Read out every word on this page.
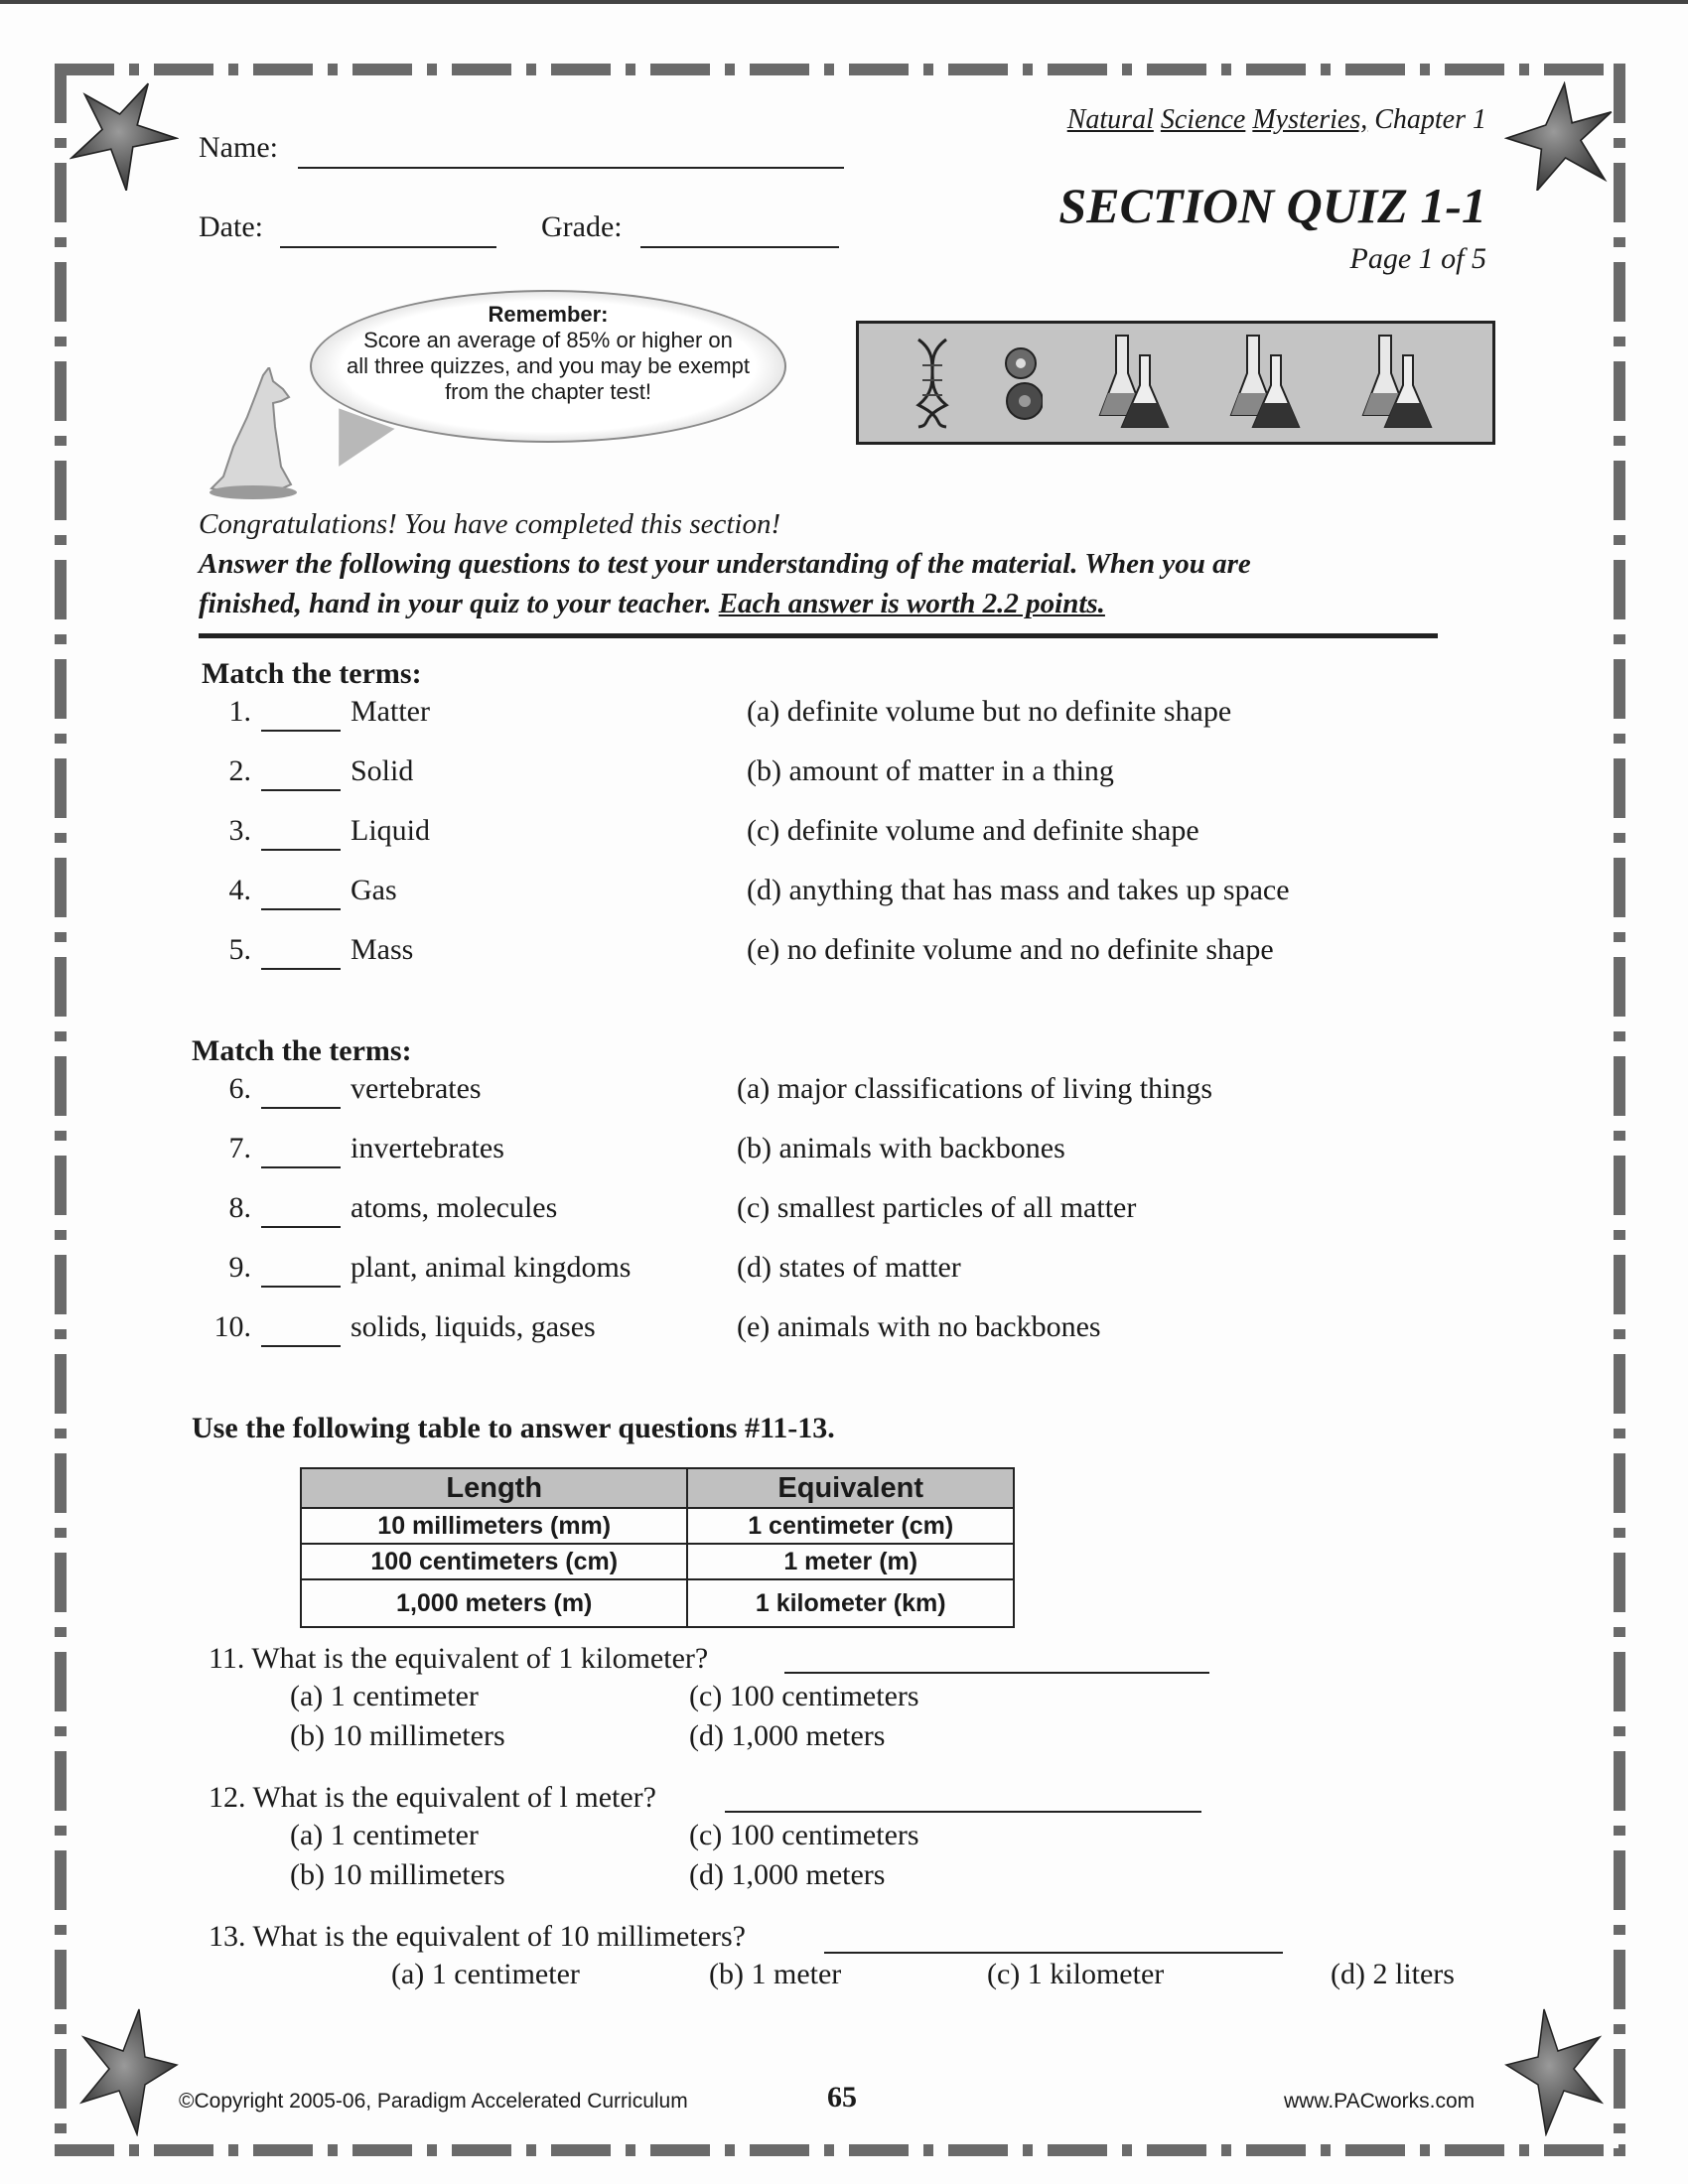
Name:
Date:	Grade:
Natural Science Mysteries, Chapter 1
SECTION QUIZ 1-1
Page 1 of 5
Remember:
Score an average of 85% or higher on
all three quizzes, and you may be exempt
from the chapter test!
Congratulations! You have completed this section!
Answer the following questions to test your understanding of the material. When you are
finished, hand in your quiz to your teacher. Each answer is worth 2.2 points.
Match the terms:
1.	Matter	(a) definite volume but no definite shape
2.	Solid	(b) amount of matter in a thing
3.	Liquid	(c) definite volume and definite shape
4.	Gas	(d) anything that has mass and takes up space
5.	Mass	(e) no definite volume and no definite shape
Match the terms:
6.	vertebrates	(a) major classifications of living things
7.	invertebrates	(b) animals with backbones
8.	atoms, molecules	(c) smallest particles of all matter
9.	plant, animal kingdoms	(d) states of matter
10.	solids, liquids, gases	(e) animals with no backbones
Use the following table to answer questions #11-13.
Length	Equivalent
10 millimeters (mm)	1 centimeter (cm)
100 centimeters (cm)	1 meter (m)
1,000 meters (m)	1 kilometer (km)
11. What is the equivalent of 1 kilometer?
(a) 1 centimeter
(b) 10 millimeters
(c) 100 centimeters
(d) 1,000 meters
12. What is the equivalent of l meter?
(a) 1 centimeter
(b) 10 millimeters
(c) 100 centimeters
(d) 1,000 meters
13. What is the equivalent of 10 millimeters?
(a) 1 centimeter	(b) 1 meter	(c) 1 kilometer	(d) 2 liters
©Copyright 2005-06, Paradigm Accelerated Curriculum	65	www.PACworks.com
